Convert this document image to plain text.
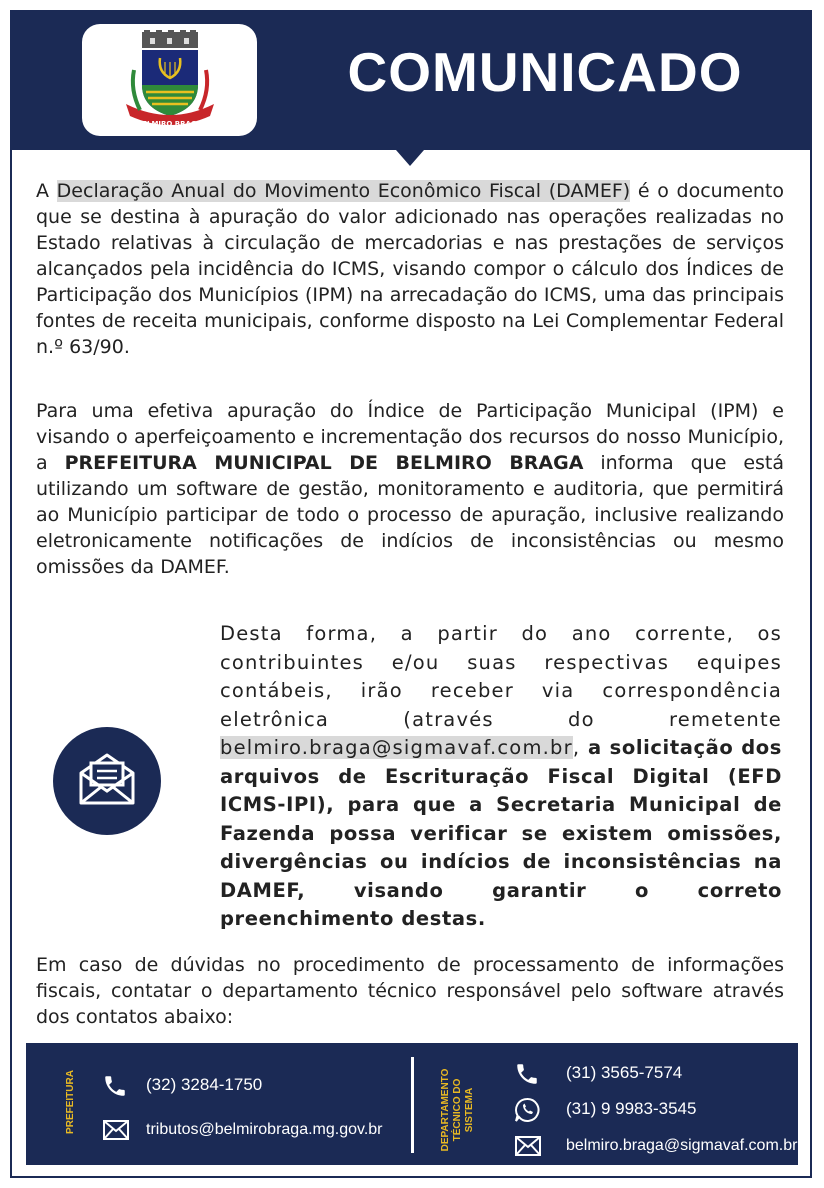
BELMIRO BRAGA
COMUNICADO
A Declaração Anual do Movimento Econômico Fiscal (DAMEF) é o documento que se destina à apuração do valor adicionado nas operações realizadas no Estado relativas à circulação de mercadorias e nas prestações de serviços alcançados pela incidência do ICMS, visando compor o cálculo dos Índices de Participação dos Municípios (IPM) na arrecadação do ICMS, uma das principais fontes de receita municipais, conforme disposto na Lei Complementar Federal n.º 63/90.
Para uma efetiva apuração do Índice de Participação Municipal (IPM) e visando o aperfeiçoamento e incrementação dos recursos do nosso Município, a PREFEITURA MUNICIPAL DE BELMIRO BRAGA informa que está utilizando um software de gestão, monitoramento e auditoria, que permitirá ao Município participar de todo o processo de apuração, inclusive realizando eletronicamente notificações de indícios de inconsistências ou mesmo omissões da DAMEF.
Desta forma, a partir do ano corrente, os contribuintes e/ou suas respectivas equipes contábeis, irão receber via correspondência eletrônica (através do remetente belmiro.braga@sigmavaf.com.br, a solicitação dos arquivos de Escrituração Fiscal Digital (EFD ICMS-IPI), para que a Secretaria Municipal de Fazenda possa verificar se existem omissões, divergências ou indícios de inconsistências na DAMEF, visando garantir o correto preenchimento destas.
Em caso de dúvidas no procedimento de processamento de informações fiscais, contatar o departamento técnico responsável pelo software através dos contatos abaixo:
PREFEITURA	(32) 3284-1750
tributos@belmirobraga.mg.gov.br	DEPARTAMENTO TÉCNICO DO SISTEMA
(31) 3565-7574
(31) 9 9983-3545
belmiro.braga@sigmavaf.com.br
